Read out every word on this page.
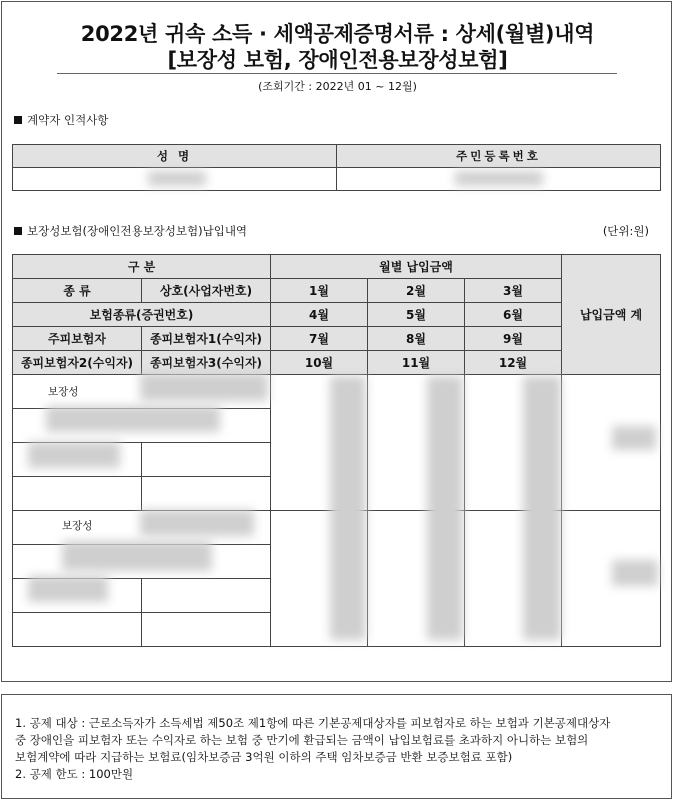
2022년 귀속 소득 · 세액공제증명서류 : 상세(월별)내역
[보장성 보험, 장애인전용보장성보험]
(조회기간 : 2022년 01 ~ 12월)
계약자 인적사항
성 명	주민등록번호

보장성보험(장애인전용보장성보험)납입내역	(단위:원)
구 분		월별 납입금액			납입금액 계
종 류	상호(사업자번호)	1월	2월	3월	
보험종류(증권번호)		4월	5월	6월	
주피보험자	종피보험자1(수익자)	7월	8월	9월	
종피보험자2(수익자)	종피보험자3(수익자)	10월	11월	12월	

보장성
보장성
1. 공제 대상 : 근로소득자가 소득세법 제50조 제1항에 따른 기본공제대상자를 피보험자로 하는 보험과 기본공제대상자
중 장애인을 피보험자 또는 수익자로 하는 보험 중 만기에 환급되는 금액이 납입보험료를 초과하지 아니하는 보험의
보험계약에 따라 지급하는 보험료(임차보증금 3억원 이하의 주택 임차보증금 반환 보증보험료 포함)
2. 공제 한도 : 100만원
